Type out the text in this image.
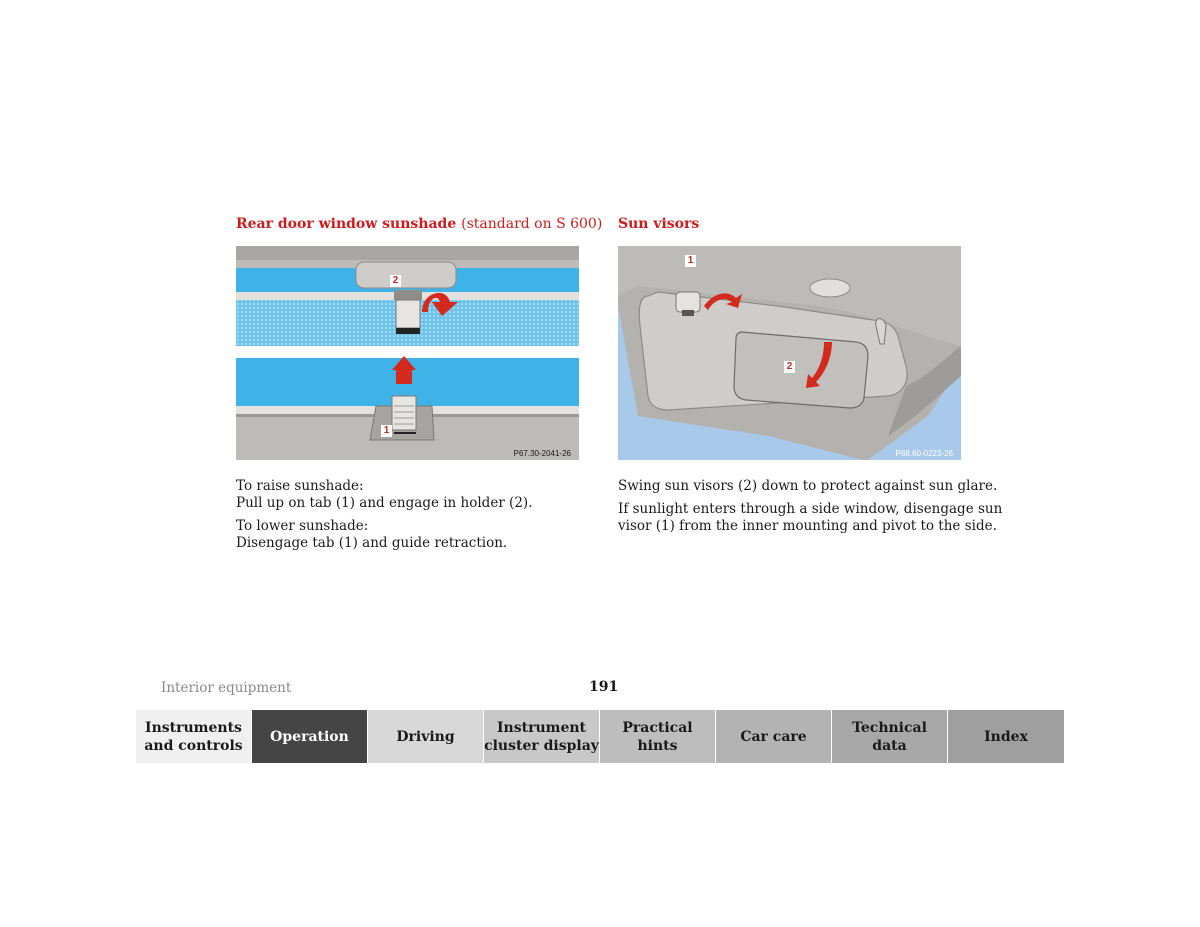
Rear door window sunshade (standard on S 600)
2
1
P67.30-2041-26
To raise sunshade:

Pull up on tab (1) and engage in holder (2).

To lower sunshade:

Disengage tab (1) and guide retraction.

Sun visors
1
2
P68.60-0223-26

Swing sun visors (2) down to protect against sun glare.

If sunlight enters through a side window, disengage sun
visor (1) from the inner mounting and pivot to the side.
Interior equipment	191
Instruments
and controls
Operation	Driving
Instrument
cluster display
Practical hints
Car care
Technical
data
Index
